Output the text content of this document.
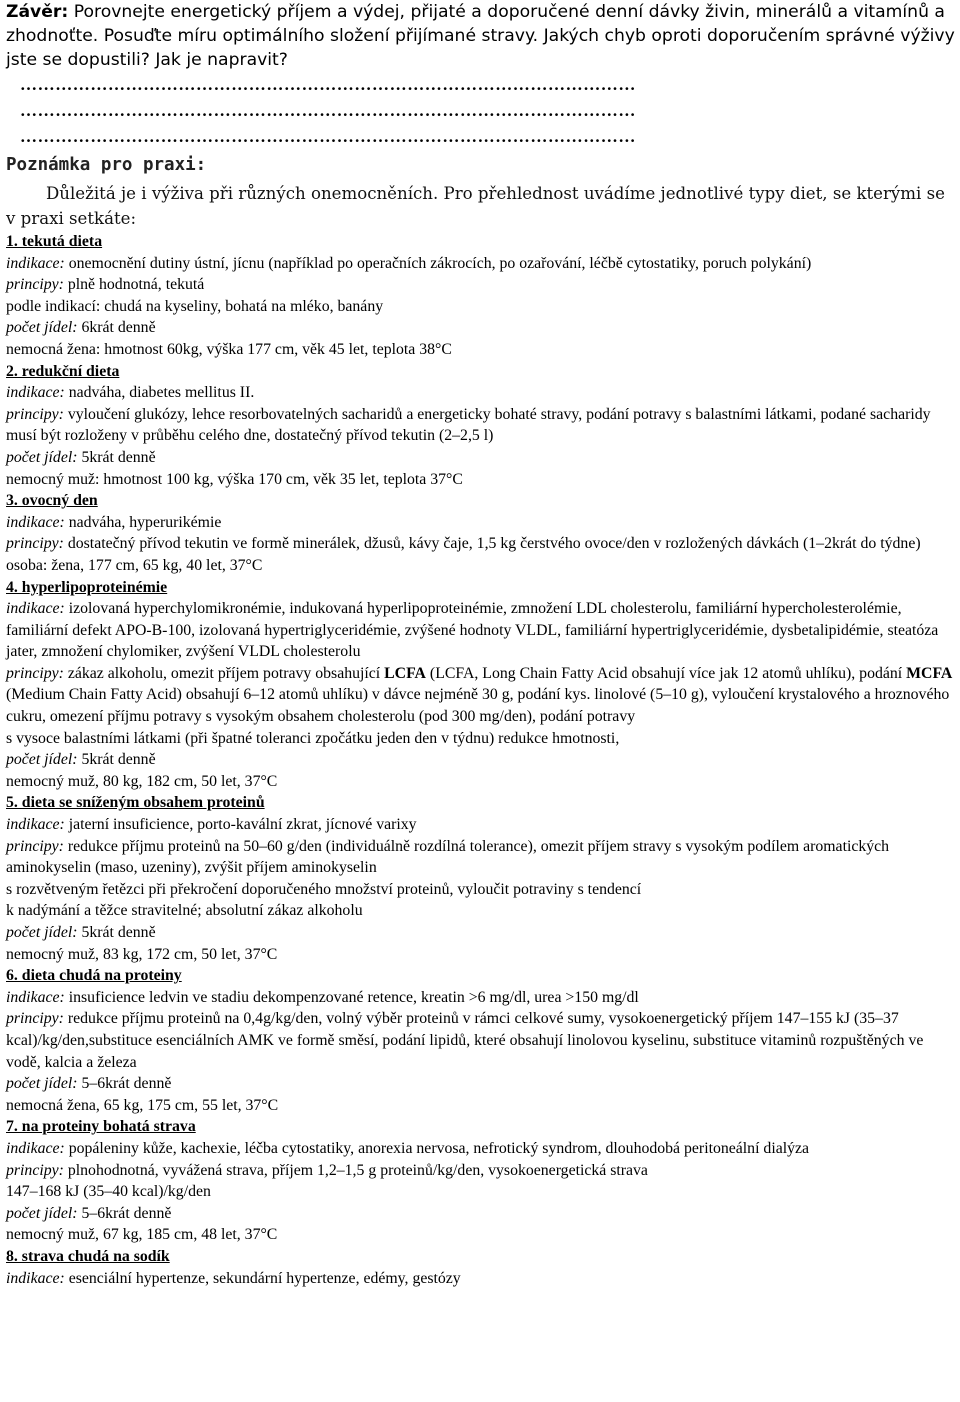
Závěr: Porovnejte energetický příjem a výdej, přijaté a doporučené denní dávky živin, minerálů a vitamínů a zhodnoťte. Posuďte míru optimálního složení přijímané stravy. Jakých chyb oproti doporučením správné výživy jste se dopustili? Jak je napravit?
……………………………………………………………………………………………
……………………………………………………………………………………………
……………………………………………………………………………………………
Poznámka pro praxi:
Důležitá je i výživa při různých onemocněních. Pro přehlednost uvádíme jednotlivé typy diet, se kterými se v praxi setkáte:

1. tekutá dieta

indikace: onemocnění dutiny ústní, jícnu (například po operačních zákrocích, po ozařování, léčbě cytostatiky, poruch polykání)

principy: plně hodnotná, tekutá

podle indikací: chudá na kyseliny, bohatá na mléko, banány

počet jídel: 6krát denně

nemocná žena: hmotnost 60kg, výška 177 cm, věk 45 let, teplota 38°C

2. redukční dieta

indikace: nadváha, diabetes mellitus II.

principy: vyloučení glukózy, lehce resorbovatelných sacharidů a energeticky bohaté stravy, podání potravy s balastními látkami, podané sacharidy musí být rozloženy v průběhu celého dne, dostatečný přívod tekutin (2–2,5 l)

počet jídel: 5krát denně

nemocný muž: hmotnost 100 kg, výška 170 cm, věk 35 let, teplota 37°C

3. ovocný den

indikace: nadváha, hyperurikémie

principy: dostatečný přívod tekutin ve formě minerálek, džusů, kávy čaje, 1,5 kg čerstvého ovoce/den v rozložených dávkách (1–2krát do týdne)

osoba: žena, 177 cm, 65 kg, 40 let, 37°C

4. hyperlipoproteinémie

indikace: izolovaná hyperchylomikronémie, indukovaná hyperlipoproteinémie, zmnožení LDL cholesterolu, familiární hypercholesterolémie, familiární defekt APO-B-100, izolovaná hypertriglyceridémie, zvýšené hodnoty VLDL, familiární hypertriglyceridémie, dysbetalipidémie, steatóza jater, zmnožení chylomiker, zvýšení VLDL cholesterolu

principy: zákaz alkoholu, omezit příjem potravy obsahující LCFA (LCFA, Long Chain Fatty Acid obsahují více jak 12 atomů uhlíku), podání MCFA (Medium Chain Fatty Acid) obsahují 6–12 atomů uhlíku) v dávce nejméně 30 g, podání kys. linolové (5–10 g), vyloučení krystalového a hroznového cukru, omezení příjmu potravy s vysokým obsahem cholesterolu (pod 300 mg/den), podání potravy

s vysoce balastními látkami (při špatné toleranci zpočátku jeden den v týdnu) redukce hmotnosti,

počet jídel: 5krát denně

nemocný muž, 80 kg, 182 cm, 50 let, 37°C

5. dieta se sníženým obsahem proteinů

indikace: jaterní insuficience, porto-kavální zkrat, jícnové varixy

principy: redukce příjmu proteinů na 50–60 g/den (individuálně rozdílná tolerance), omezit příjem stravy s vysokým podílem aromatických aminokyselin (maso, uzeniny), zvýšit příjem aminokyselin

s rozvětveným řetězci při překročení doporučeného množství proteinů, vyloučit potraviny s tendencí

k nadýmání a těžce stravitelné; absolutní zákaz alkoholu

počet jídel: 5krát denně

nemocný muž, 83 kg, 172 cm, 50 let, 37°C

6. dieta chudá na proteiny

indikace: insuficience ledvin ve stadiu dekompenzované retence, kreatin >6 mg/dl, urea >150 mg/dl

principy: redukce příjmu proteinů na 0,4g/kg/den, volný výběr proteinů v rámci celkové sumy, vysokoenergetický příjem 147–155 kJ (35–37 kcal)/kg/den,substituce esenciálních AMK ve formě směsí, podání lipidů, které obsahují linolovou kyselinu, substituce vitaminů rozpuštěných ve vodě, kalcia a železa

počet jídel: 5–6krát denně

nemocná žena, 65 kg, 175 cm, 55 let, 37°C

7. na proteiny bohatá strava

indikace: popáleniny kůže, kachexie, léčba cytostatiky, anorexia nervosa, nefrotický syndrom, dlouhodobá peritoneální dialýza

principy: plnohodnotná, vyvážená strava, příjem 1,2–1,5 g proteinů/kg/den, vysokoenergetická strava

147–168 kJ (35–40 kcal)/kg/den

počet jídel: 5–6krát denně

nemocný muž, 67 kg, 185 cm, 48 let, 37°C

8. strava chudá na sodík

indikace: esenciální hypertenze, sekundární hypertenze, edémy, gestózy
